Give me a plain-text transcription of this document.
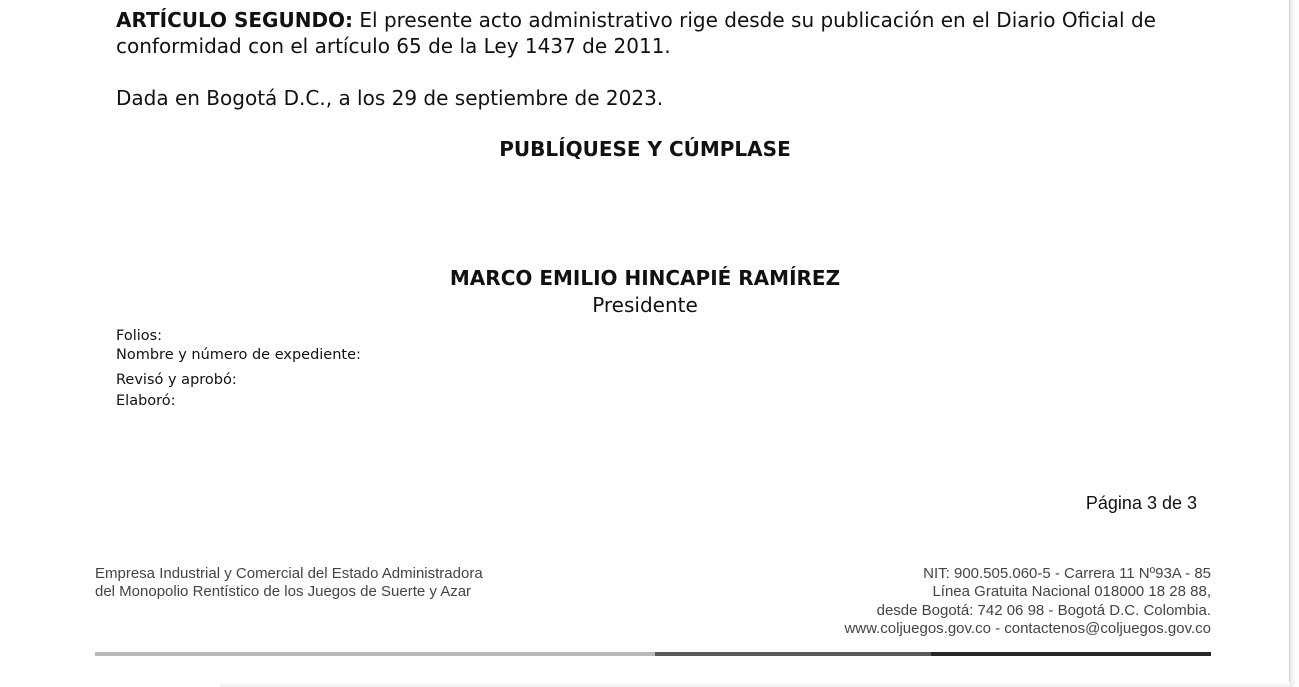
ARTÍCULO SEGUNDO: El presente acto administrativo rige desde su publicación en el Diario Oficial de conformidad con el artículo 65 de la Ley 1437 de 2011.

Dada en Bogotá D.C., a los 29 de septiembre de 2023.

PUBLÍQUESE Y CÚMPLASE

MARCO EMILIO HINCAPIÉ RAMÍREZ

Presidente

Folios:

Nombre y número de expediente:

Revisó y aprobó:

Elaboró:

Página 3 de 3

Empresa Industrial y Comercial del Estado Administradora
del Monopolio Rentístico de los Juegos de Suerte y Azar
NIT: 900.505.060-5 - Carrera 11 Nº93A - 85
Línea Gratuita Nacional 018000 18 28 88,
desde Bogotá: 742 06 98 - Bogotá D.C. Colombia.
www.coljuegos.gov.co - contactenos@coljuegos.gov.co
